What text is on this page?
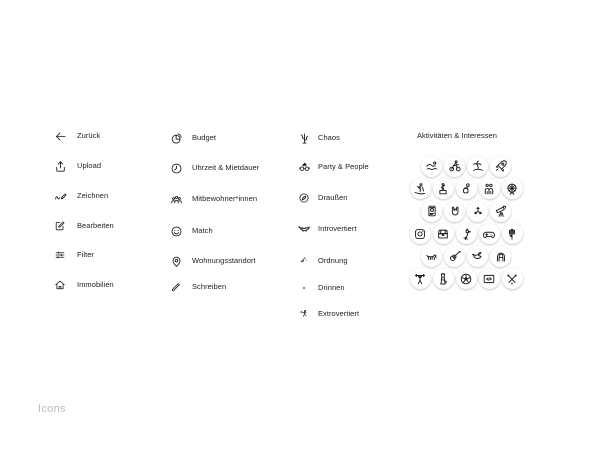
Zurück
Upload
Zeichnen
Bearbeiten
Filter
Immobilien
Budget
Uhrzeit & Mietdauer
Mitbewohner*innen
Match
Wohnungsstandort
Schreiben
Chaos
Party & People
Draußen
Introvertiert
Ordnung
Drinnen
Extrovertiert
Aktivitäten & Interessen
Icons
